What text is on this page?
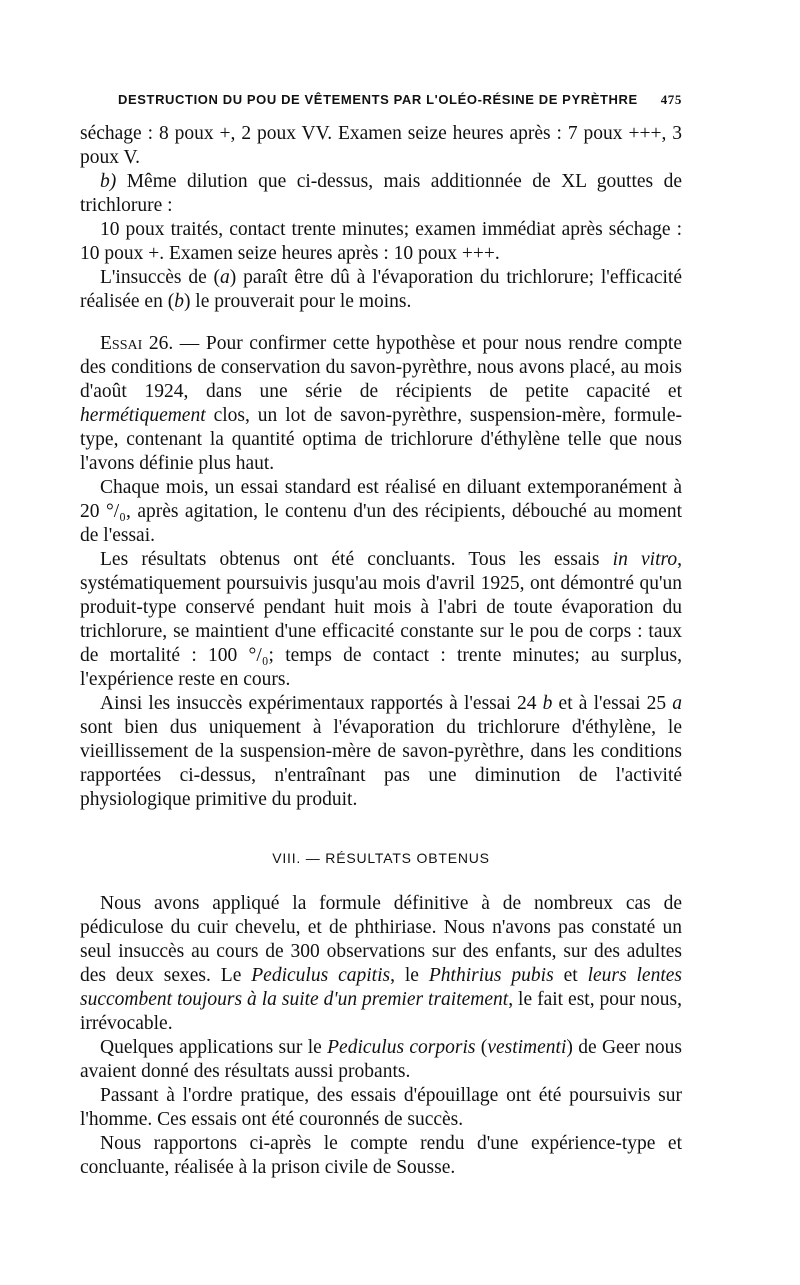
DESTRUCTION DU POU DE VÊTEMENTS PAR L'OLÉO-RÉSINE DE PYRÈTHRE 475

séchage : 8 poux +, 2 poux VV. Examen seize heures après : 7 poux +++, 3 poux V.

b) Même dilution que ci-dessus, mais additionnée de XL gouttes de trichlorure :

10 poux traités, contact trente minutes; examen immédiat après séchage : 10 poux +. Examen seize heures après : 10 poux +++.

L'insuccès de (a) paraît être dû à l'évaporation du trichlorure; l'efficacité réalisée en (b) le prouverait pour le moins.

Essai 26. — Pour confirmer cette hypothèse et pour nous rendre compte des conditions de conservation du savon-pyrèthre, nous avons placé, au mois d'août 1924, dans une série de récipients de petite capacité et hermétiquement clos, un lot de savon-pyrèthre, suspension-mère, formule-type, contenant la quantité optima de trichlorure d'éthylène telle que nous l'avons définie plus haut.

Chaque mois, un essai standard est réalisé en diluant extemporanément à 20 °/₀, après agitation, le contenu d'un des récipients, débouché au moment de l'essai.

Les résultats obtenus ont été concluants. Tous les essais in vitro, systématiquement poursuivis jusqu'au mois d'avril 1925, ont démontré qu'un produit-type conservé pendant huit mois à l'abri de toute évaporation du trichlorure, se maintient d'une efficacité constante sur le pou de corps : taux de mortalité : 100 °/₀; temps de contact : trente minutes; au surplus, l'expérience reste en cours.

Ainsi les insuccès expérimentaux rapportés à l'essai 24 b et à l'essai 25 a sont bien dus uniquement à l'évaporation du trichlorure d'éthylène, le vieillissement de la suspension-mère de savon-pyrèthre, dans les conditions rapportées ci-dessus, n'entraînant pas une diminution de l'activité physiologique primitive du produit.

VIII. — RÉSULTATS OBTENUS

Nous avons appliqué la formule définitive à de nombreux cas de pédiculose du cuir chevelu, et de phthiriase. Nous n'avons pas constaté un seul insuccès au cours de 300 observations sur des enfants, sur des adultes des deux sexes. Le Pediculus capitis, le Phthirius pubis et leurs lentes succombent toujours à la suite d'un premier traitement, le fait est, pour nous, irrévocable.

Quelques applications sur le Pediculus corporis (vestimenti) de Geer nous avaient donné des résultats aussi probants.

Passant à l'ordre pratique, des essais d'épouillage ont été poursuivis sur l'homme. Ces essais ont été couronnés de succès.

Nous rapportons ci-après le compte rendu d'une expérience-type et concluante, réalisée à la prison civile de Sousse.
